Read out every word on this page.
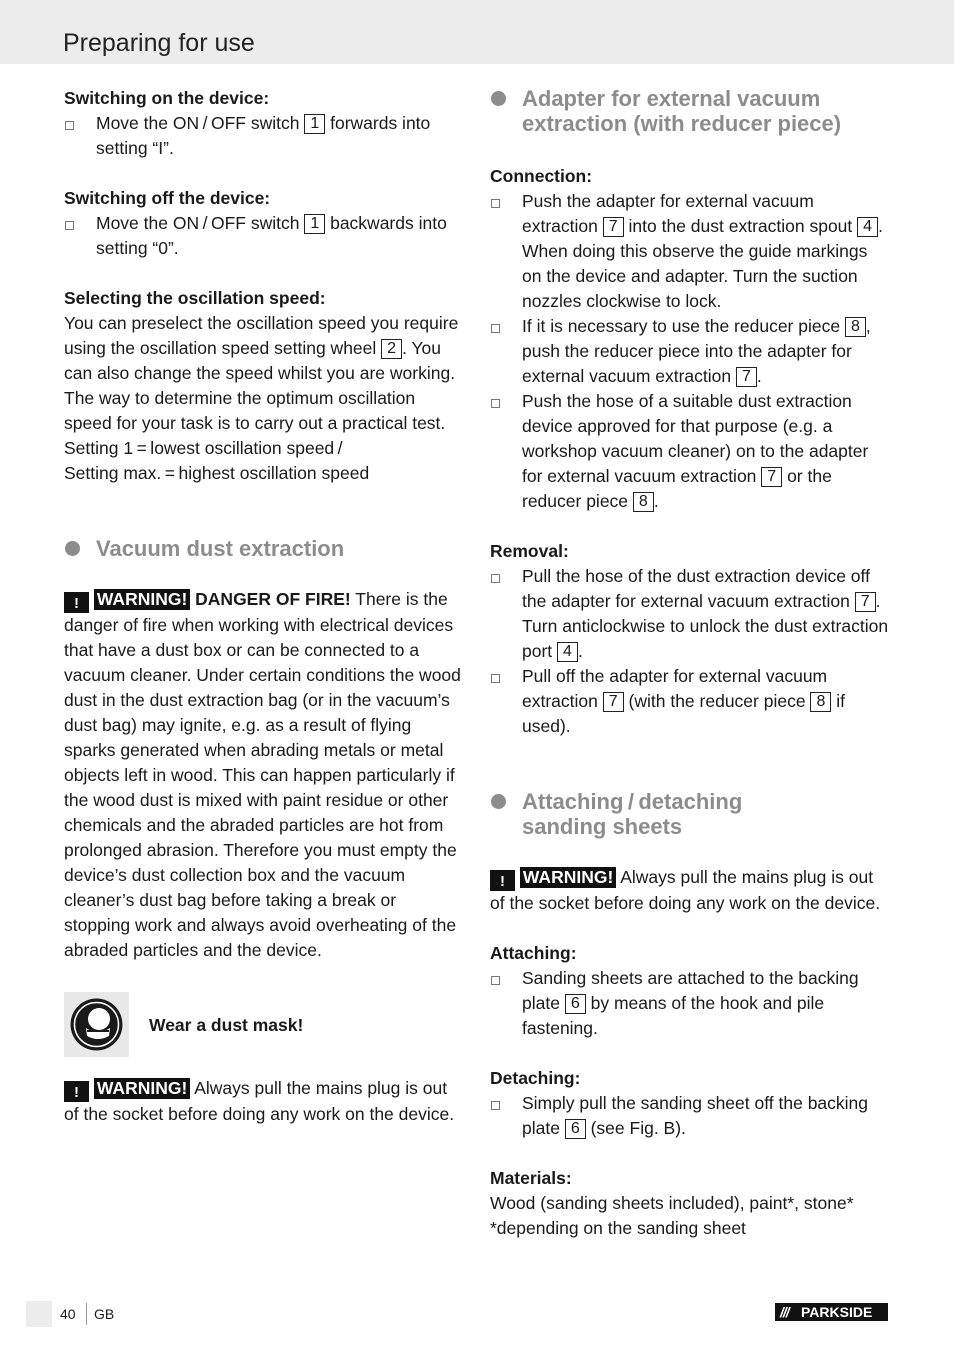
Preparing for use

Switching on the device:

Move the ON / OFF switch 1 forwards into setting “I”.

Switching off the device:

Move the ON / OFF switch 1 backwards into setting “0”.

Selecting the oscillation speed:

You can preselect the oscillation speed you require using the oscillation speed setting wheel 2 . You can also change the speed whilst you are working. The way to determine the optimum oscillation speed for your task is to carry out a practical test.

Setting 1 = lowest oscillation speed /

Setting max. = highest oscillation speed

Vacuum dust extraction

! WARNING! DANGER OF FIRE! There is the danger of fire when working with electrical devices that have a dust box or can be connected to a vacuum cleaner. Under certain conditions the wood dust in the dust extraction bag (or in the vacuum’s dust bag) may ignite, e.g. as a result of flying sparks generated when abrading metals or metal objects left in wood. This can happen particularly if the wood dust is mixed with paint residue or other chemicals and the abraded particles are hot from prolonged abrasion. Therefore you must empty the device’s dust collection box and the vacuum cleaner’s dust bag before taking a break or stopping work and always avoid overheating of the abraded particles and the device.

Wear a dust mask!

! WARNING! Always pull the mains plug is out of the socket before doing any work on the device.

Adapter for external vacuum extraction (with reducer piece)

Connection:

Push the adapter for external vacuum extraction 7 into the dust extraction spout 4 . When doing this observe the guide markings on the device and adapter. Turn the suction nozzles clockwise to lock.

If it is necessary to use the reducer piece 8 , push the reducer piece into the adapter for external vacuum extraction 7 .

Push the hose of a suitable dust extraction device approved for that purpose (e.g. a workshop vacuum cleaner) on to the adapter for external vacuum extraction 7 or the reducer piece 8 .

Removal:

Pull the hose of the dust extraction device off the adapter for external vacuum extraction 7 . Turn anticlockwise to unlock the dust extraction port 4 .

Pull off the adapter for external vacuum extraction 7 (with the reducer piece 8 if used).

Attaching / detaching sanding sheets

! WARNING! Always pull the mains plug is out of the socket before doing any work on the device.

Attaching:

Sanding sheets are attached to the backing plate 6 by means of the hook and pile fastening.

Detaching:

Simply pull the sanding sheet off the backing plate 6 (see Fig. B).

Materials:

Wood (sanding sheets included), paint*, stone*

*depending on the sanding sheet

40 GB	/// PARKSIDE
